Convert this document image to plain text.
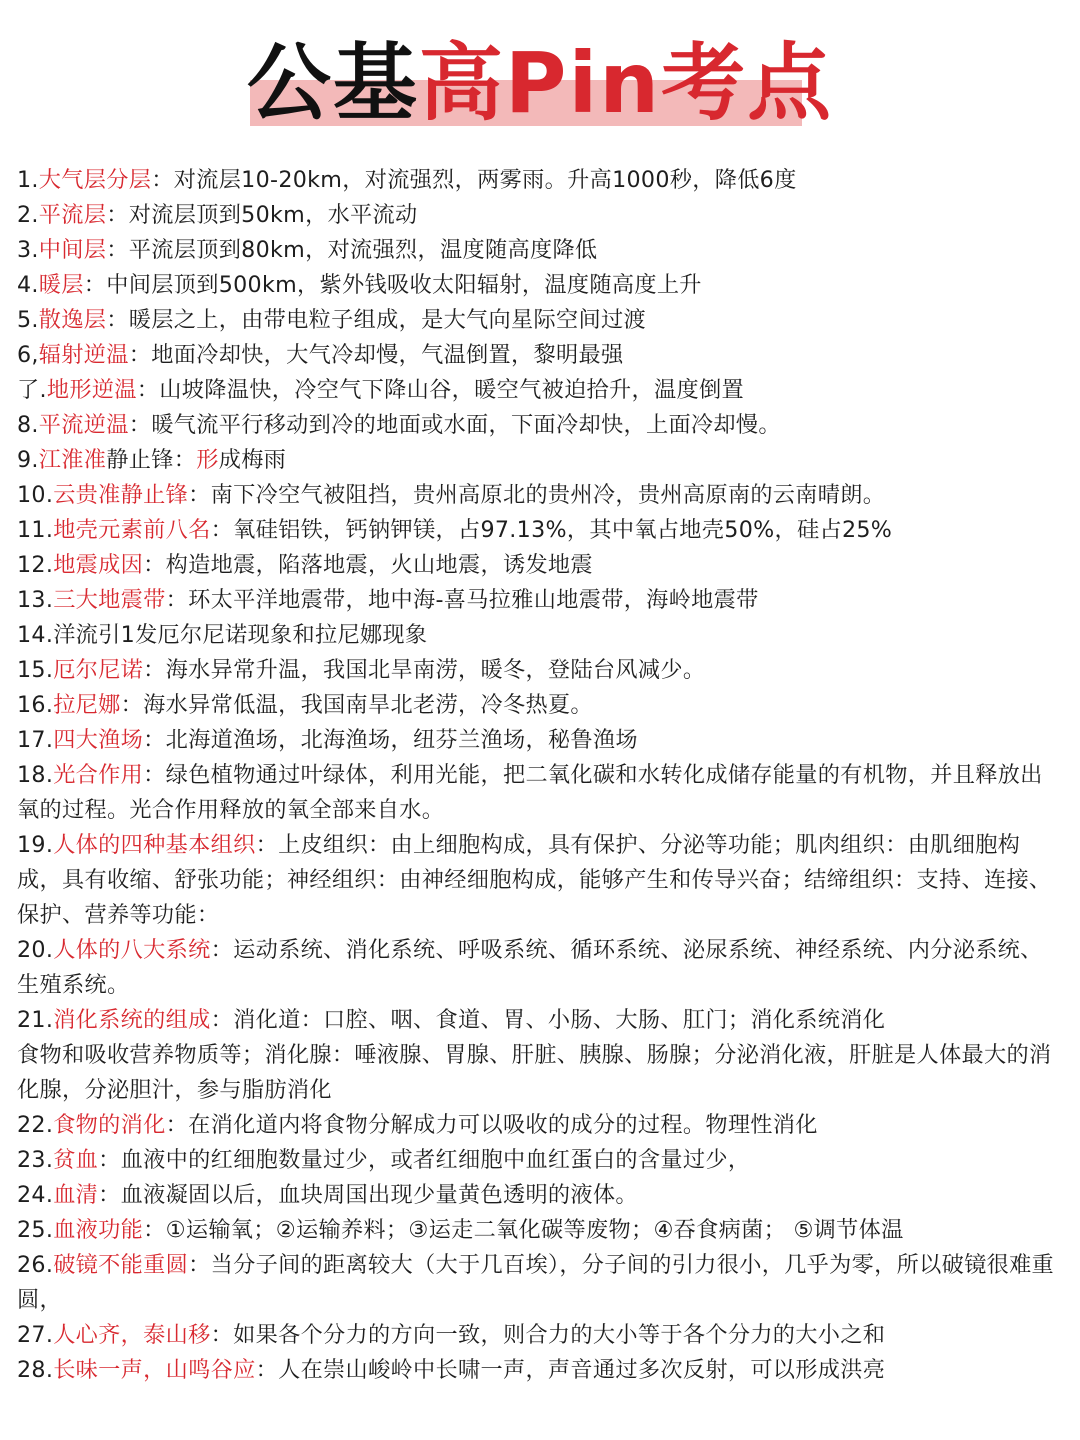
公基高Pin考点
1.大气层分层：对流层10-20km，对流强烈，两雾雨。升高1000秒，降低6度
2.平流层：对流层顶到50km，水平流动
3.中间层：平流层顶到80km，对流强烈，温度随高度降低
4.暖层：中间层顶到500km，紫外钱吸收太阳辐射，温度随高度上升
5.散逸层：暖层之上，由带电粒子组成，是大气向星际空间过渡
6,辐射逆温：地面冷却快，大气冷却慢，气温倒置，黎明最强
了.地形逆温：山坡降温快，冷空气下降山谷，暖空气被迫拾升，温度倒置
8.平流逆温：暖气流平行移动到冷的地面或水面，下面冷却快，上面冷却慢。
9.江淮准静止锋：形成梅雨
10.云贵准静止锋：南下冷空气被阻挡，贵州高原北的贵州冷，贵州高原南的云南晴朗。
11.地壳元素前八名：氧硅铝铁，钙钠钾镁，占97.13%，其中氧占地壳50%，硅占25%
12.地震成因：构造地震，陷落地震，火山地震，诱发地震
13.三大地震带：环太平洋地震带，地中海-喜马拉雅山地震带，海岭地震带
14.洋流引1发厄尔尼诺现象和拉尼娜现象
15.厄尔尼诺：海水异常升温，我国北旱南涝，暖冬，登陆台风减少。
16.拉尼娜：海水异常低温，我国南旱北老涝，冷冬热夏。
17.四大渔场：北海道渔场，北海渔场，纽芬兰渔场，秘鲁渔场
18.光合作用：绿色植物通过叶绿体，利用光能，把二氧化碳和水转化成储存能量的有机物，并且释放出氧的过程。光合作用释放的氧全部来自水。
19.人体的四种基本组织：上皮组织：由上细胞构成，具有保护、分泌等功能；肌肉组织：由肌细胞构成，具有收缩、舒张功能；神经组织：由神经细胞构成，能够产生和传导兴奋；结缔组织：支持、连接、保护、营养等功能：
20.人体的八大系统：运动系统、消化系统、呼吸系统、循环系统、泌尿系统、神经系统、内分泌系统、生殖系统。
21.消化系统的组成：消化道：口腔、咽、食道、胃、小肠、大肠、肛门；消化系统消化
食物和吸收营养物质等；消化腺：唾液腺、胃腺、肝脏、胰腺、肠腺；分泌消化液，肝脏是人体最大的消化腺，分泌胆汁，参与脂肪消化
22.食物的消化：在消化道内将食物分解成力可以吸收的成分的过程。物理性消化
23.贫血：血液中的红细胞数量过少，或者红细胞中血红蛋白的含量过少，
24.血清：血液凝固以后，血块周国出现少量黄色透明的液体。
25.血液功能：①运输氧；②运输养料；③运走二氧化碳等废物；④吞食病菌； ⑤调节体温
26.破镜不能重圆：当分子间的距离较大（大于几百埃），分子间的引力很小，几乎为零，所以破镜很难重圆，
27.人心齐，泰山移：如果各个分力的方向一致，则合力的大小等于各个分力的大小之和
28.长味一声，山鸣谷应：人在崇山峻岭中长啸一声，声音通过多次反射，可以形成洪亮
